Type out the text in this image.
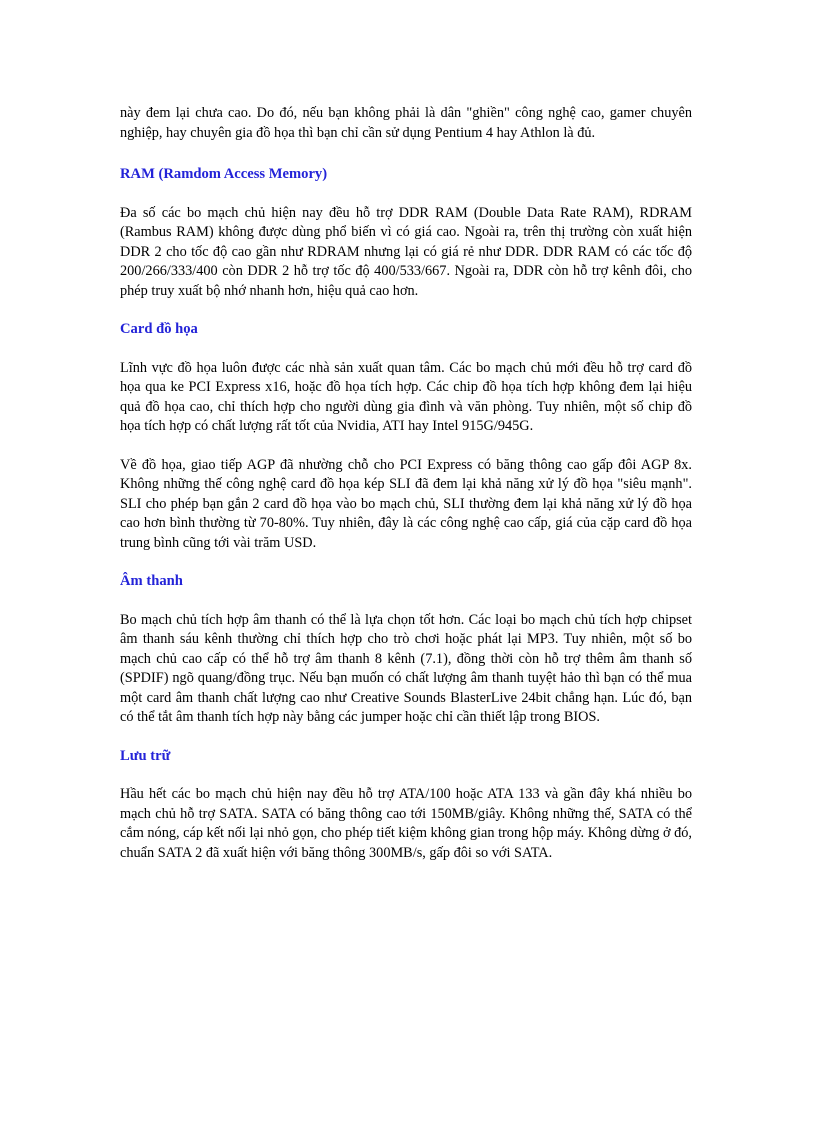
này đem lại chưa cao. Do đó, nếu bạn không phải là dân "ghiền" công nghệ cao, gamer chuyên nghiệp, hay chuyên gia đồ họa thì bạn chỉ cần sử dụng Pentium 4 hay Athlon là đủ.

RAM (Ramdom Access Memory)

Đa số các bo mạch chủ hiện nay đều hỗ trợ DDR RAM (Double Data Rate RAM), RDRAM (Rambus RAM) không được dùng phổ biến vì có giá cao. Ngoài ra, trên thị trường còn xuất hiện DDR 2 cho tốc độ cao gần như RDRAM nhưng lại có giá rẻ như DDR. DDR RAM có các tốc độ 200/266/333/400 còn DDR 2 hỗ trợ tốc độ 400/533/667. Ngoài ra, DDR còn hỗ trợ kênh đôi, cho phép truy xuất bộ nhớ nhanh hơn, hiệu quả cao hơn.

Card đồ họa

Lĩnh vực đồ họa luôn được các nhà sản xuất quan tâm. Các bo mạch chủ mới đều hỗ trợ card đồ họa qua ke PCI Express x16, hoặc đồ họa tích hợp. Các chip đồ họa tích hợp không đem lại hiệu quả đồ họa cao, chỉ thích hợp cho người dùng gia đình và văn phòng. Tuy nhiên, một số chip đồ họa tích hợp có chất lượng rất tốt của Nvidia, ATI hay Intel 915G/945G.

Về đồ họa, giao tiếp AGP đã nhường chỗ cho PCI Express có băng thông cao gấp đôi AGP 8x. Không những thế công nghệ card đồ họa kép SLI đã đem lại khả năng xử lý đồ họa "siêu mạnh". SLI cho phép bạn gắn 2 card đồ họa vào bo mạch chủ, SLI thường đem lại khả năng xử lý đồ họa cao hơn bình thường từ 70-80%. Tuy nhiên, đây là các công nghệ cao cấp, giá của cặp card đồ họa trung bình cũng tới vài trăm USD.

Âm thanh

Bo mạch chủ tích hợp âm thanh có thể là lựa chọn tốt hơn. Các loại bo mạch chủ tích hợp chipset âm thanh sáu kênh thường chỉ thích hợp cho trò chơi hoặc phát lại MP3. Tuy nhiên, một số bo mạch chủ cao cấp có thể hỗ trợ âm thanh 8 kênh (7.1), đồng thời còn hỗ trợ thêm âm thanh số (SPDIF) ngõ quang/đồng trục. Nếu bạn muốn có chất lượng âm thanh tuyệt hảo thì bạn có thể mua một card âm thanh chất lượng cao như Creative Sounds BlasterLive 24bit chẳng hạn. Lúc đó, bạn có thể tắt âm thanh tích hợp này bằng các jumper hoặc chỉ cần thiết lập trong BIOS.

Lưu trữ

Hầu hết các bo mạch chủ hiện nay đều hỗ trợ ATA/100 hoặc ATA 133 và gần đây khá nhiều bo mạch chủ hỗ trợ SATA. SATA có băng thông cao tới 150MB/giây. Không những thế, SATA có thể cắm nóng, cáp kết nối lại nhỏ gọn, cho phép tiết kiệm không gian trong hộp máy. Không dừng ở đó, chuẩn SATA 2 đã xuất hiện với băng thông 300MB/s, gấp đôi so với SATA.
